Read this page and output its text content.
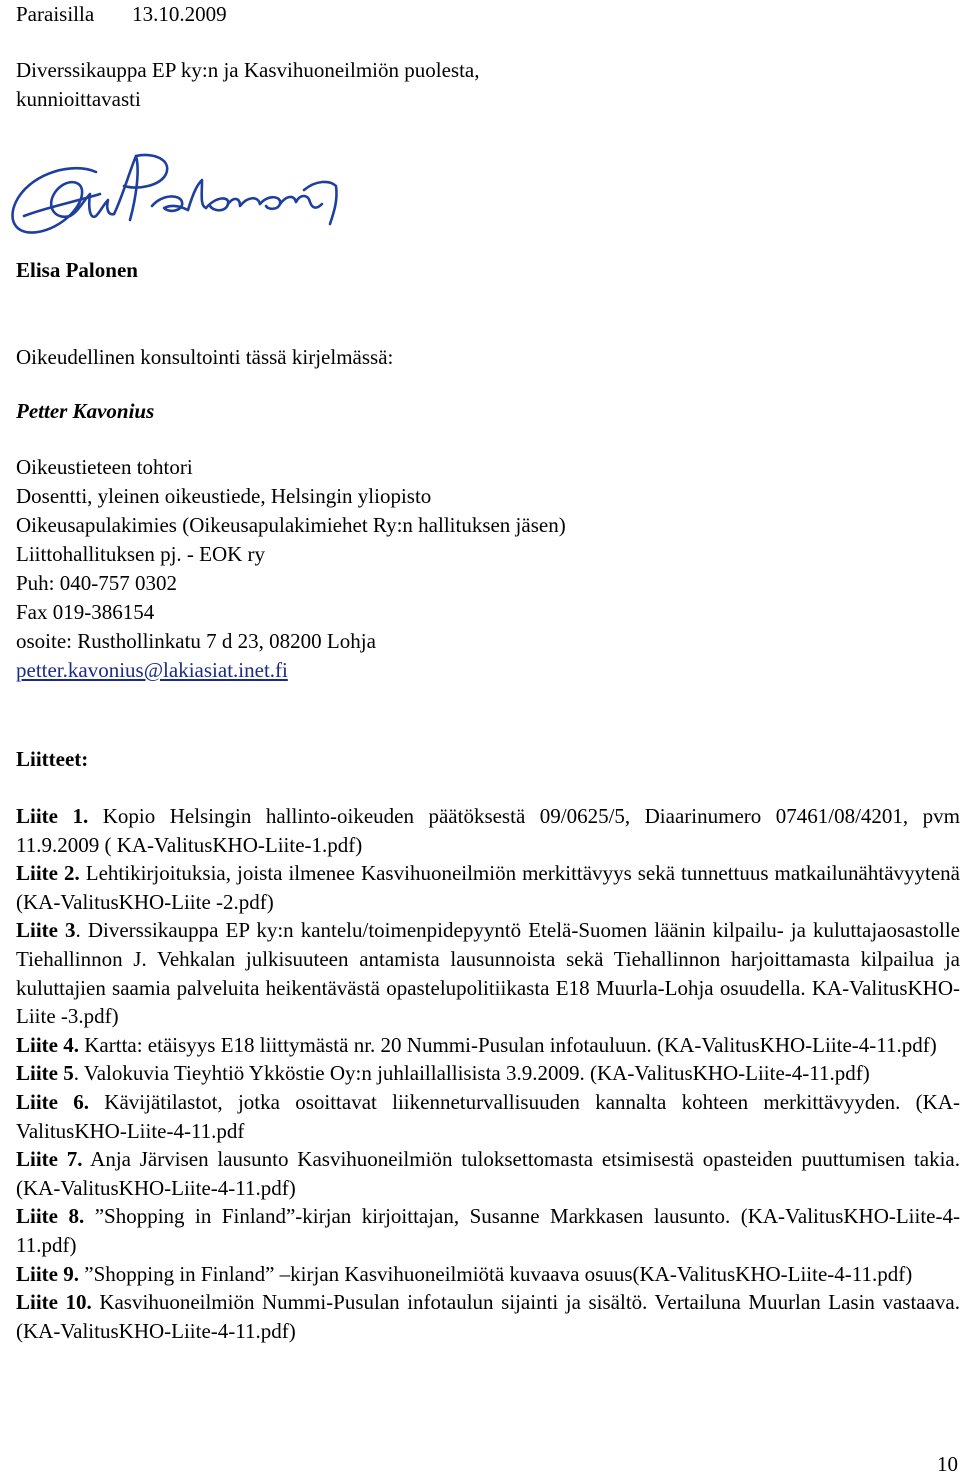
Paraisilla 13.10.2009
Diverssikauppa EP ky:n ja Kasvihuoneilmiön puolesta,
kunnioittavasti
Elisa Palonen
Oikeudellinen konsultointi tässä kirjelmässä:
Petter Kavonius
Oikeustieteen tohtori
Dosentti, yleinen oikeustiede, Helsingin yliopisto
Oikeusapulakimies (Oikeusapulakimiehet Ry:n hallituksen jäsen)
Liittohallituksen pj. - EOK ry
Puh: 040-757 0302
Fax 019-386154
osoite: Rusthollinkatu 7 d 23, 08200 Lohja
petter.kavonius@lakiasiat.inet.fi
Liitteet:

Liite 1. Kopio Helsingin hallinto-oikeuden päätöksestä 09/0625/5, Diaarinumero 07461/08/4201, pvm 11.9.2009 ( KA-ValitusKHO-Liite-1.pdf)

Liite 2. Lehtikirjoituksia, joista ilmenee Kasvihuoneilmiön merkittävyys sekä tunnettuus matkailunähtävyytenä (KA-ValitusKHO-Liite -2.pdf)

Liite 3. Diverssikauppa EP ky:n kantelu/toimenpidepyyntö Etelä-Suomen läänin kilpailu- ja kuluttajaosastolle Tiehallinnon J. Vehkalan julkisuuteen antamista lausunnoista sekä Tiehallinnon harjoittamasta kilpailua ja kuluttajien saamia palveluita heikentävästä opastelupolitiikasta E18 Muurla-Lohja osuudella. KA-ValitusKHO-Liite -3.pdf)

Liite 4. Kartta: etäisyys E18 liittymästä nr. 20 Nummi-Pusulan infotauluun. (KA-ValitusKHO-Liite-4-11.pdf)

Liite 5. Valokuvia Tieyhtiö Ykköstie Oy:n juhlaillallisista 3.9.2009. (KA-ValitusKHO-Liite-4-11.pdf)

Liite 6. Kävijätilastot, jotka osoittavat liikenneturvallisuuden kannalta kohteen merkittävyyden. (KA-ValitusKHO-Liite-4-11.pdf

Liite 7. Anja Järvisen lausunto Kasvihuoneilmiön tuloksettomasta etsimisestä opasteiden puuttumisen takia. (KA-ValitusKHO-Liite-4-11.pdf)

Liite 8. ”Shopping in Finland”-kirjan kirjoittajan, Susanne Markkasen lausunto. (KA-ValitusKHO-Liite-4-11.pdf)

Liite 9. ”Shopping in Finland” –kirjan Kasvihuoneilmiötä kuvaava osuus(KA-ValitusKHO-Liite-4-11.pdf)

Liite 10. Kasvihuoneilmiön Nummi-Pusulan infotaulun sijainti ja sisältö. Vertailuna Muurlan Lasin vastaava. (KA-ValitusKHO-Liite-4-11.pdf)

10
